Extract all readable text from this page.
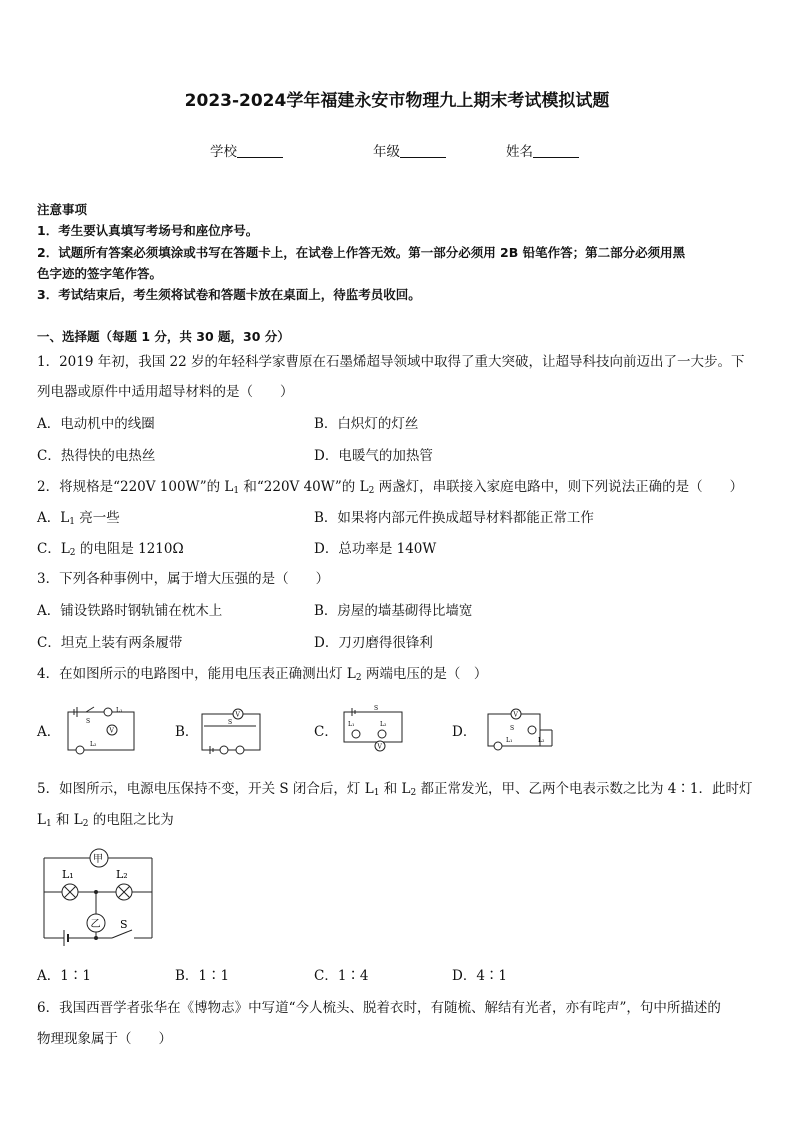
2023-2024学年福建永安市物理九上期末考试模拟试题
学校	年级	姓名
注意事项
1．考生要认真填写考场号和座位序号。
2．试题所有答案必须填涂或书写在答题卡上，在试卷上作答无效。第一部分必须用 2B 铅笔作答；第二部分必须用黑
色字迹的签字笔作答。
3．考试结束后，考生须将试卷和答题卡放在桌面上，待监考员收回。
一、选择题（每题 1 分，共 30 题，30 分）
1．2019 年初，我国 22 岁的年轻科学家曹原在石墨烯超导领域中取得了重大突破，让超导科技向前迈出了一大步。下
列电器或原件中适用超导材料的是（　　）
A．电动机中的线圈	B．白炽灯的灯丝
C．热得快的电热丝	D．电暖气的加热管
2．将规格是“220V 100W”的 $L_1$ 和“220V 40W”的 $L_2$ 两盏灯，串联接入家庭电路中，则下列说法正确的是（　　）
A．$L_1$ 亮一些	B．如果将内部元件换成超导材料都能正常工作
C．$L_2$ 的电阻是 1210Ω	D．总功率是 140W
3．下列各种事例中，属于增大压强的是（　　）
A．铺设铁路时钢轨铺在枕木上	B．房屋的墙基砌得比墙宽
C．坦克上装有两条履带	D．刀刃磨得很锋利
4．在如图所示的电路图中，能用电压表正确测出灯 $L_2$ 两端电压的是（　）
A．	B．	C．	D．
S
L₁
V
L₂
V
S
S
L₁	L₂
V
V
S
L₁	L₂
5．如图所示，电源电压保持不变，开关 S 闭合后，灯 $L_1$ 和 $L_2$ 都正常发光，甲、乙两个电表示数之比为 4∶1．此时灯
$L_1$ 和 $L_2$ 的电阻之比为
甲
L₁	L₂
乙 S
A．1∶1	B．1∶1	C．1∶4	D．4∶1
6．我国西晋学者张华在《博物志》中写道“今人梳头、脱着衣时，有随梳、解结有光者，亦有咤声”，句中所描述的
物理现象属于（　　）
